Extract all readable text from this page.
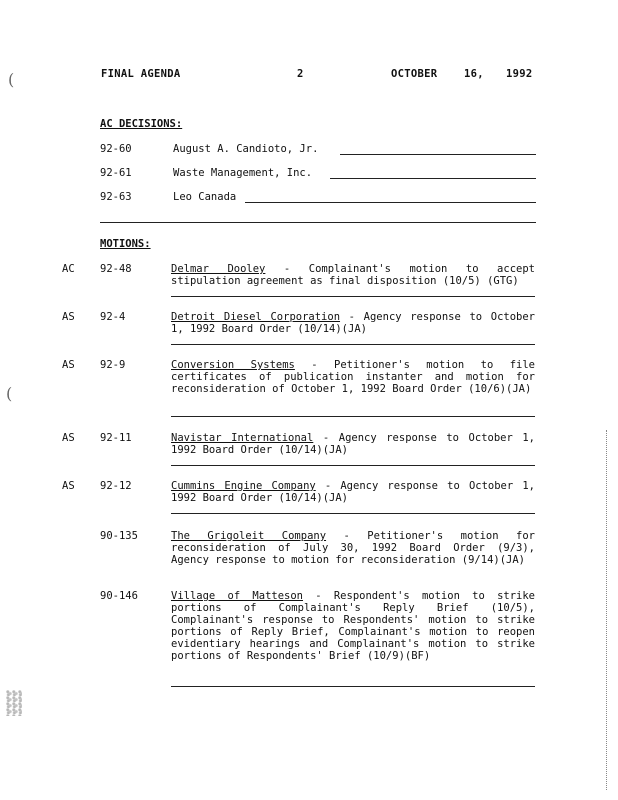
FINAL AGENDA	2	OCTOBER	16, 1992
AC DECISIONS:
92-60	August A. Candioto, Jr.
92-61	Waste Management, Inc.
92-63	Leo Canada
MOTIONS:
AC 92-48	Delmar Dooley - Complainant's motion to accept stipulation agreement as final disposition (10/5) (GTG)
AS 92-4	Detroit Diesel Corporation - Agency response to October 1, 1992 Board Order (10/14)(JA)
AS 92-9	Conversion Systems - Petitioner's motion to file certificates of publication instanter and motion for reconsideration of October 1, 1992 Board Order (10/6)(JA)
AS 92-11	Navistar International - Agency response to October 1, 1992 Board Order (10/14)(JA)
AS 92-12	Cummins Engine Company - Agency response to October 1, 1992 Board Order (10/14)(JA)
90-135	The Grigoleit Company - Petitioner's motion for reconsideration of July 30, 1992 Board Order (9/3), Agency response to motion for reconsideration (9/14)(JA)
90-146	Village of Matteson - Respondent's motion to strike portions of Complainant's Reply Brief (10/5), Complainant's response to Respondents' motion to strike portions of Reply Brief, Complainant's motion to reopen evidentiary hearings and Complainant's motion to strike portions of Respondents' Brief (10/9)(BF)
(
(
